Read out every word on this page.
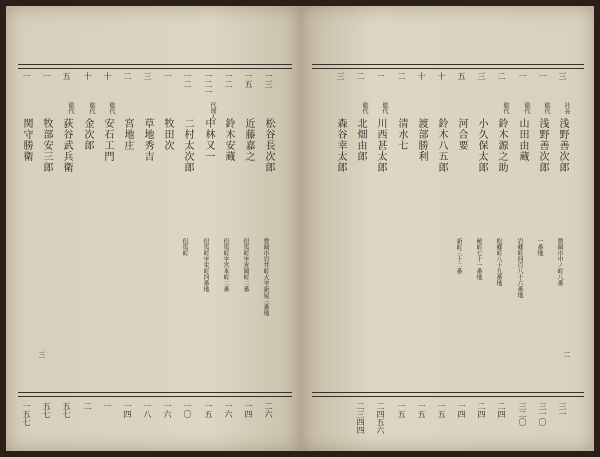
一三
松谷長次郎
豊岡市岩井町大字新屋三番地
二六
一五
近藤嘉之
但馬町字宵岡町二番
一四
一二
鈴木安蔵
但馬町字宮本町二番
一六
一二一
代理人
中林又一
但馬町字栄町四番地
一五
一二
二村太次郎
但馬町
一〇
一
牧田次
一六
三
草地秀吉
一八
二
宮地庄
一四
十
総代
安石工門
一
十
総代
金次郎
二
五
総代
荻谷武兵衛
五七
一
牧部安三郎
五七
一
関守勝衛
一五七
三
三
社長
浅野善次郎
豊岡市中ノ町八番
三一
一
総代
浅野善次郎
一番地
三一〇
一
総代
山田由蔵
岩郷町四百八十六番地
三二〇
二
総代
鈴木源之助
松郷町八十九番地
二四
三
小久保太郎
秘町七十一番地
二四
五
河合要
新町三十二番
一四
十
鈴木八五郎
一五
十
渡部勝利
一五
二
清水七
一五
一
総代
川西甚太郎
二四五六
二
総代
北畑由郎
二三四四
三
森谷幸太郎
二
